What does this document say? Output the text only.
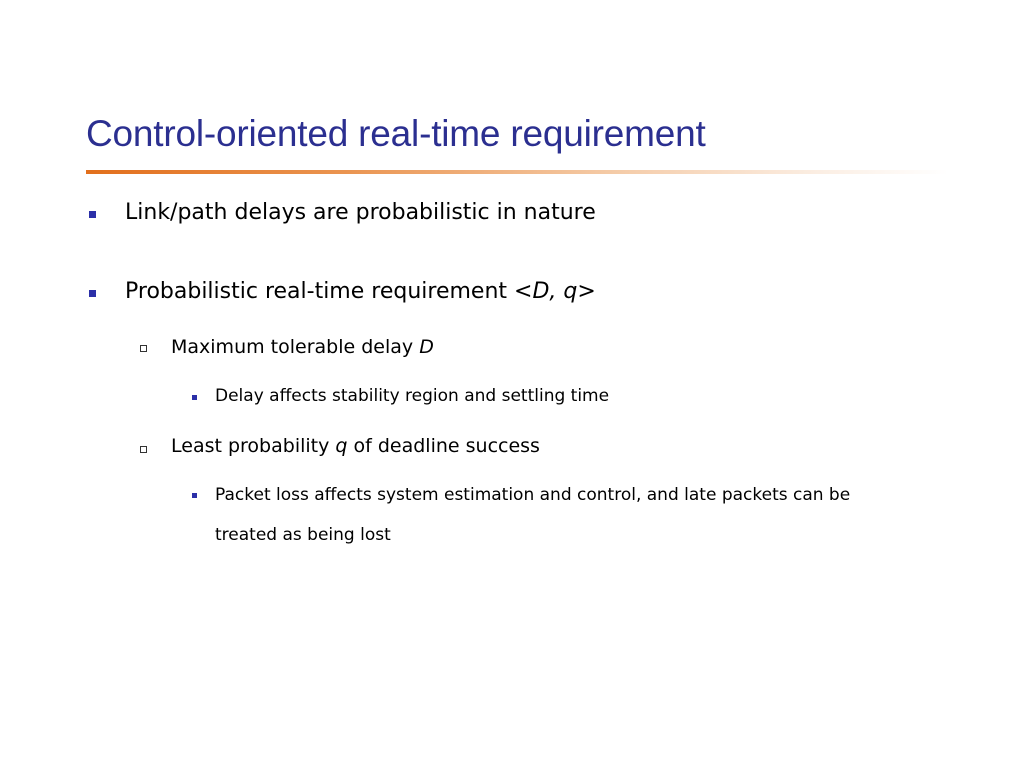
Control-oriented real-time requirement
Link/path delays are probabilistic in nature
Probabilistic real-time requirement <D, q>
Maximum tolerable delay D
Delay affects stability region and settling time
Least probability q of deadline success
Packet loss affects system estimation and control, and late packets can be
treated as being lost
